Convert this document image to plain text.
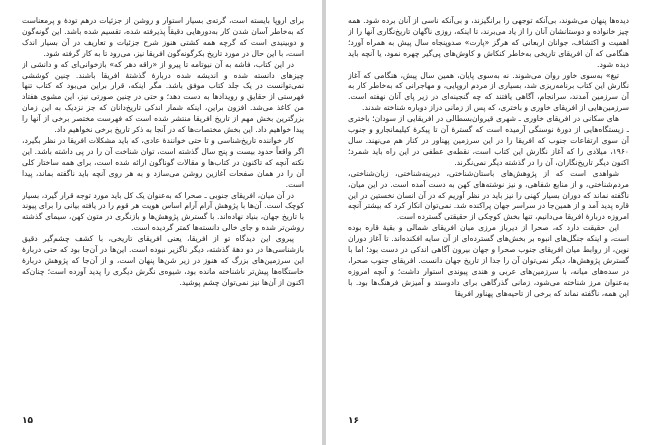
برای اروپا بایسته است، گرته‌ی بسیار استوار و روشن از جزئیات درهم تودهٔ و پرمعناست که به‌خاطر آسان شدن کار به‌دورهایی دقیقاً پذیرفته شده، تقسیم شده باشد. این گونه‌گون و دوبینیدی است که گرچه همه کشتی هنوز شرح جزئیات و تعاریف در آن بسیار اندک است، با این حال در مورد تاریخ بکرگونه‌گون افریقا نیز، می‌رود تا به کار گرفته شود.

در این کتاب، فاشه به آن نیوتامه تا پیرو از «راقه دهر که» بازخوانی‌ای که و دانشی از چیزهای دانسته شده و اندیشه شده دربارهٔ گذشتهٔ افریقا باشند. چنین کوششی نمی‌توانست در یک جلد کتاب موفق باشد. مگر اینکه، قرار براین می‌بود که کتاب تنها فهرستی از حقایق و رویدادها به دست دهد؛ و حتی در چنین صورتی نیز، این مشوی هفتاد من کاغذ می‌شد. افزون براین، اینکه شمار اندکی تاریخ‌دانان که جز نزدیک به این زمان بزرگترین بخش مهم از تاریخ افریقا منتشر شده است که فهرست مختصر برخی از آنها را پیدا خواهیم داد. این بخش مختصات‌ها که در آنجا به ذکر تاریخ برخی نخواهیم داد.

کار خواننده تاریخ‌شناسی و تا حتی خوانندهٔ عادی، که باید مشکلات افریقا در نظر بگیرد، اگر واقعاً حدود بیست و پنج سال گذشته است، توان شناخت آن را در پی داشته باشد. این نکته آنچه که تاکنون در کتاب‌ها و مقالات گوناگون ارائه شده است، برای همه ساختار کلی آن را در همان صفحات آغازین روشن می‌سازد و به هر روی آنچه باید ناگفته بماند، پیدا است.

در آن میان، افریقای جنوبی ـ صحرا که به‌عنوان یک کل باید مورد توجه قرار گیرد، بسیار کوچک است. آن‌ها با پژوهش آرام آرام اساس هویت هر قوم را در یافته بیانی را برای پیوند با تاریخ جهان، بنیاد نهاده‌اند. با گسترش پژوهش‌ها و بازنگری در متون کهن، سیمای گذشته روشن‌تر شده و جای خالی دانسته‌ها کمتر گردیده است.

پیروی این دیدگاه تو از افریقا، یعنی افریقای تاریخی، با کشف چشم‌گیر دقیق بازشناسی‌ها در دو دههٔ گذشته، دیگر ناگزیر نبوده است. این‌ها در آن‌جا بود که حتی دربارهٔ این سرزمین‌های بزرگ که هنوز در زیر شن‌ها پنهان است، و از آن‌جا که پژوهش دربارهٔ خاستگاه‌ها پیش‌تر ناشناخته مانده بود، شیوه‌ی نگرش دیگری را پدید آورده است؛ چنان‌که اکنون از آن‌ها نیز نمی‌توان چشم پوشید.

۱۵

دیده‌ها پنهان می‌شوند، بی‌آنکه توجهی را برانگیزند، و بی‌آنکه ناسی از آنان برده شود. همه چیز خانواده و دوستانشان آنان را از یاد می‌برند، تا اینکه، روزی ناگهان تاریخ‌نگاری آنها را از اهمیت و اکتشاف، جوانان اربعانی که هرگز «پارت» صدوپنجاه سال پیش به همراه آورد؛ هنگامی که آن افریقای تاریخی به‌خاطر کنکاش و کاوش‌های پی‌گیر چهره نمود، یا آنچه باید دیده شود.

تیغ» به‌سوی خاور روان می‌شوند. نه به‌سوی پایان، همین سال پیش، هنگامی که آغاز نگارش این کتاب برنامه‌ریزی شد، بسیاری از مردم اروپایی، و مهاجرانی که به‌خاطر کار به آن سرزمین آمدند، سرانجام، آگاهی یافتند که چه گنجینه‌ای در زیر پای آنان نهفته است. سرزمین‌هایی از افریقای خاوری و باختری، که پس از زمانی دراز دوباره شناخته شدند.

های سکانی در افریقای خاوری ـ شهری قیروان‌بسطالی در افریقایی از سودان؛ باختری ـ زیستگاه‌هایی از دورهٔ نوسنگی آرمیده است که گسترهٔ آن تا پیکرهٔ کیلیمانجارو و جنوب آن سوی ارتفاعات جنوب که افریقا را در این سرزمین پهناور در کنار هم می‌نهند. سال ۱۹۶۰، میلادی را که آغاز نگارش این کتاب است، نقطه‌ی عطفی در این راه باید شمرد؛ اکنون دیگر تاریخ‌نگاران، آن را در گذشته دیگر نمی‌نگرند.

شواهدی است که از پژوهش‌های باستان‌شناختی، دیرینه‌شناختی، زبان‌شناختی، مردم‌شناختی، و از منابع شفاهی، و نیز نوشته‌های کهن به دست آمده است. در این میان، ناگفته نماند که دوران بسیار کهنی را نیز باید در نظر آوریم که در آن انسان نخستین در این قاره پدید آمد و از همین‌جا در سراسر جهان پراکنده شد. نمی‌توان انکار کرد که بیشتر آنچه امروزه دربارهٔ افریقا می‌دانیم، تنها بخش کوچکی از حقیقتی گسترده است.

این حقیقت دارد که، صحرا از دیرباز مرزی میان افریقای شمالی و بقیهٔ قاره بوده است، و اینکه جنگل‌های انبوه بر بخش‌های گسترده‌ای از آن سایه افکنده‌اند. تا آغاز دوران نوین، از روابط میان افریقای جنوب صحرا و جهان بیرون آگاهی اندکی در دست بود؛ اما با گسترش پژوهش‌ها، دیگر نمی‌توان آن را جدا از تاریخ جهان دانست. افریقای جنوب صحرا، در سده‌های میانه، با سرزمین‌های عربی و هندی پیوندی استوار داشت؛ و آنچه امروزه به‌عنوان مرز شناخته می‌شود، زمانی گذرگاهی برای دادوستد و آمیزش فرهنگ‌ها بود. با این همه، ناگفته نماند که برخی از تاحیه‌های پهناور افریقا

۱۶
